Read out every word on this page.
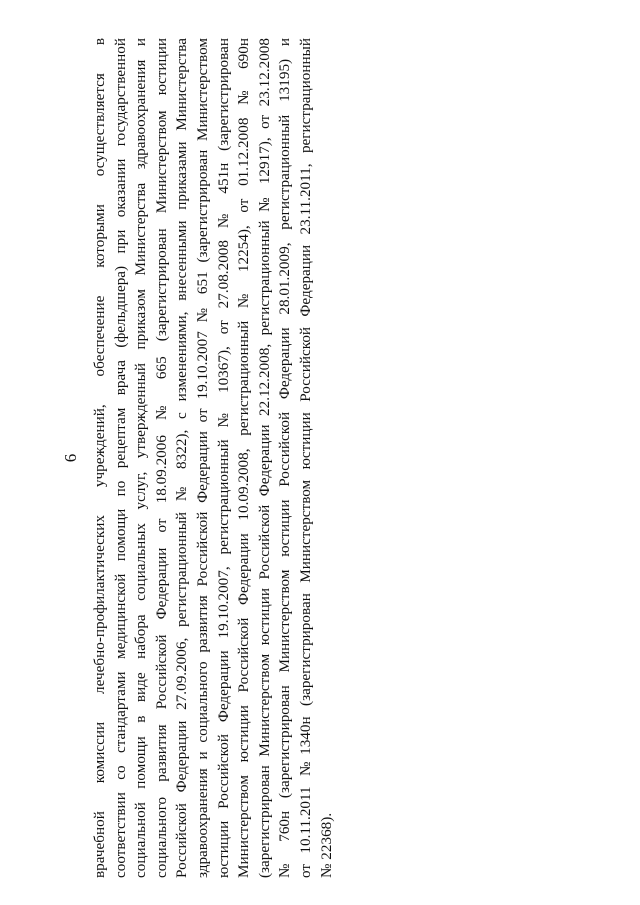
6 врачебной комиссии лечебно-профилактических учреждений, обеспечение которыми осуществляется в соответствии со стандартами медицинской помощи по рецептам врача (фельдшера) при оказании государственной социальной помощи в виде набора социальных услуг, утвержденный приказом Министерства здравоохранения и социального развития Российской Федерации от 18.09.2006 № 665 (зарегистрирован Министерством юстиции Российской Федерации 27.09.2006, регистрационный № 8322), с изменениями, внесенными приказами Министерства здравоохранения и социального развития Российской Федерации от 19.10.2007 № 651 (зарегистрирован Министерством юстиции Российской Федерации 19.10.2007, регистрационный № 10367), от 27.08.2008 № 451н (зарегистрирован Министерством юстиции Российской Федерации 10.09.2008, регистрационный № 12254), от 01.12.2008 № 690н (зарегистрирован Министерством юстиции Российской Федерации 22.12.2008, регистрационный № 12917), от 23.12.2008 № 760н (зарегистрирован Министерством юстиции Российской Федерации 28.01.2009, регистрационный 13195) и от 10.11.2011 №1340н (зарегистрирован Министерством юстиции Российской Федерации 23.11.2011, регистрационный № 22368).
